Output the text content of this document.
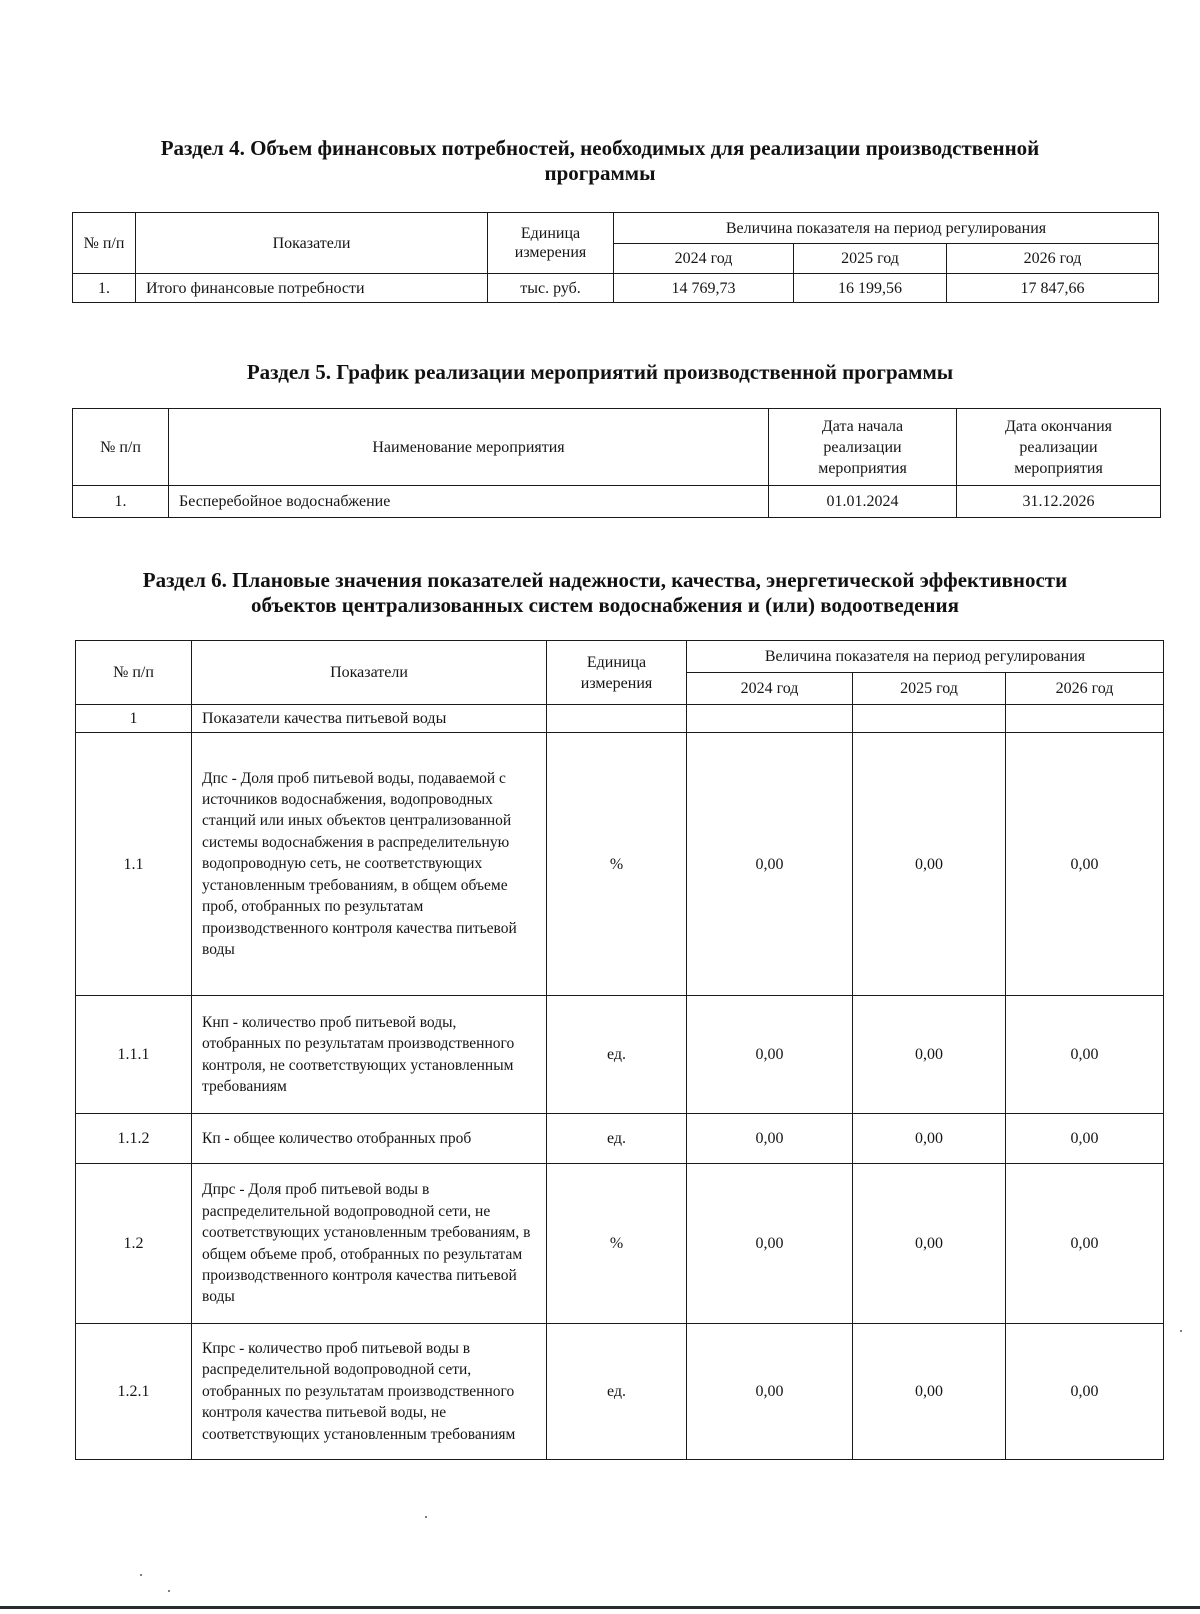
Раздел 4. Объем финансовых потребностей, необходимых для реализации производственной
программы
№ п/п	Показатели	Единица измерения	Величина показателя на период регулирования		
			2024 год	2025 год	2026 год
1.	Итого финансовые потребности	тыс. руб.	14 769,73	16 199,56	17 847,66
Раздел 5. График реализации мероприятий производственной программы
№ п/п	Наименование мероприятия	Дата начала реализации мероприятия	Дата окончания реализации мероприятия
1.	Бесперебойное водоснабжение	01.01.2024	31.12.2026
Раздел 6. Плановые значения показателей надежности, качества, энергетической эффективности
объектов централизованных систем водоснабжения и (или) водоотведения
№ п/п	Показатели	Единица измерения	Величина показателя на период регулирования		
			2024 год	2025 год	2026 год
1	Показатели качества питьевой воды				
1.1	Дпс - Доля проб питьевой воды, подаваемой с источников водоснабжения, водопроводных станций или иных объектов централизованной системы водоснабжения в распределительную водопроводную сеть, не соответствующих установленным требованиям, в общем объеме проб, отобранных по результатам производственного контроля качества питьевой воды	%	0,00	0,00	0,00
1.1.1	Кнп - количество проб питьевой воды, отобранных по результатам производственного контроля, не соответствующих установленным требованиям	ед.	0,00	0,00	0,00
1.1.2	Кп - общее количество отобранных проб	ед.	0,00	0,00	0,00
1.2	Дпрс - Доля проб питьевой воды в распределительной водопроводной сети, не соответствующих установленным требованиям, в общем объеме проб, отобранных по результатам производственного контроля качества питьевой воды	%	0,00	0,00	0,00
1.2.1	Кпрс - количество проб питьевой воды в распределительной водопроводной сети, отобранных по результатам производственного контроля качества питьевой воды, не соответствующих установленным требованиям	ед.	0,00	0,00	0,00
